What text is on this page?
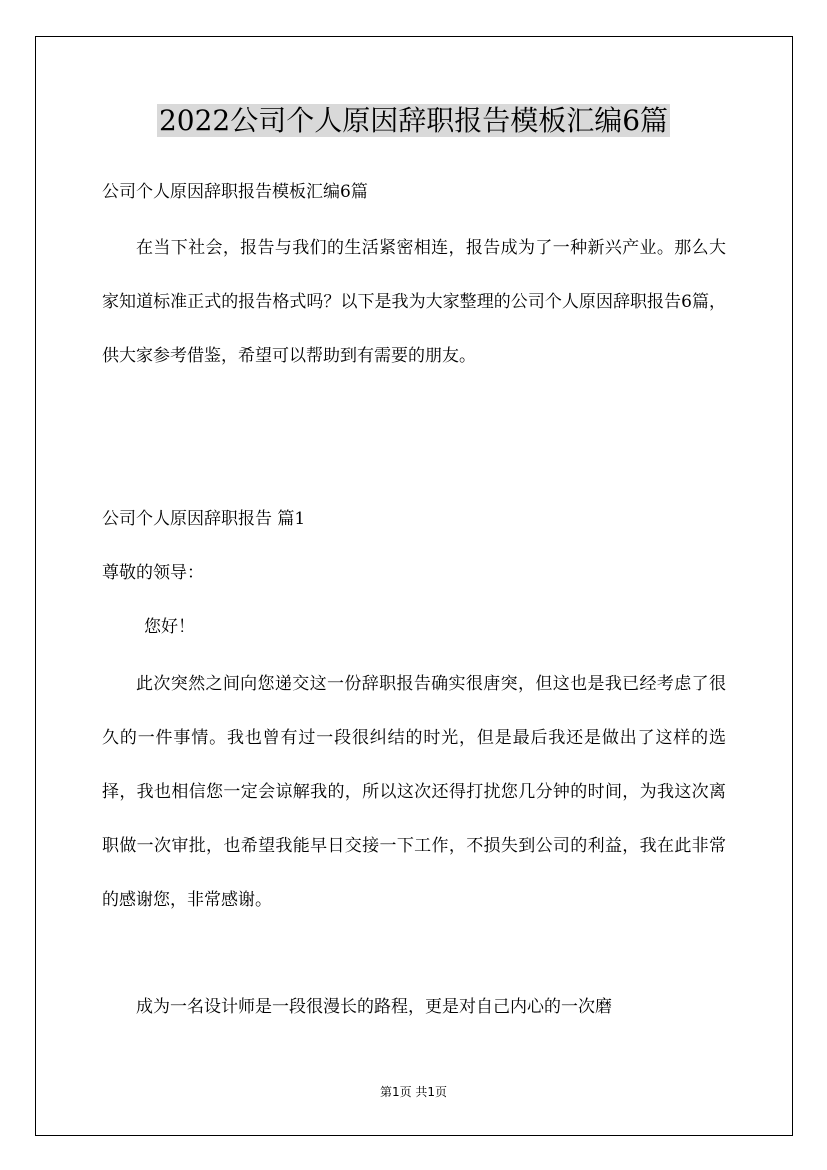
2022公司个人原因辞职报告模板汇编6篇
公司个人原因辞职报告模板汇编6篇
在当下社会，报告与我们的生活紧密相连，报告成为了一种新兴产业。那么大家知道标准正式的报告格式吗？以下是我为大家整理的公司个人原因辞职报告6篇，供大家参考借鉴，希望可以帮助到有需要的朋友。
公司个人原因辞职报告 篇1
尊敬的领导：
您好！
此次突然之间向您递交这一份辞职报告确实很唐突，但这也是我已经考虑了很久的一件事情。我也曾有过一段很纠结的时光，但是最后我还是做出了这样的选择，我也相信您一定会谅解我的，所以这次还得打扰您几分钟的时间，为我这次离职做一次审批，也希望我能早日交接一下工作，不损失到公司的利益，我在此非常的感谢您，非常感谢。
成为一名设计师是一段很漫长的路程，更是对自己内心的一次磨
第1页 共1页
